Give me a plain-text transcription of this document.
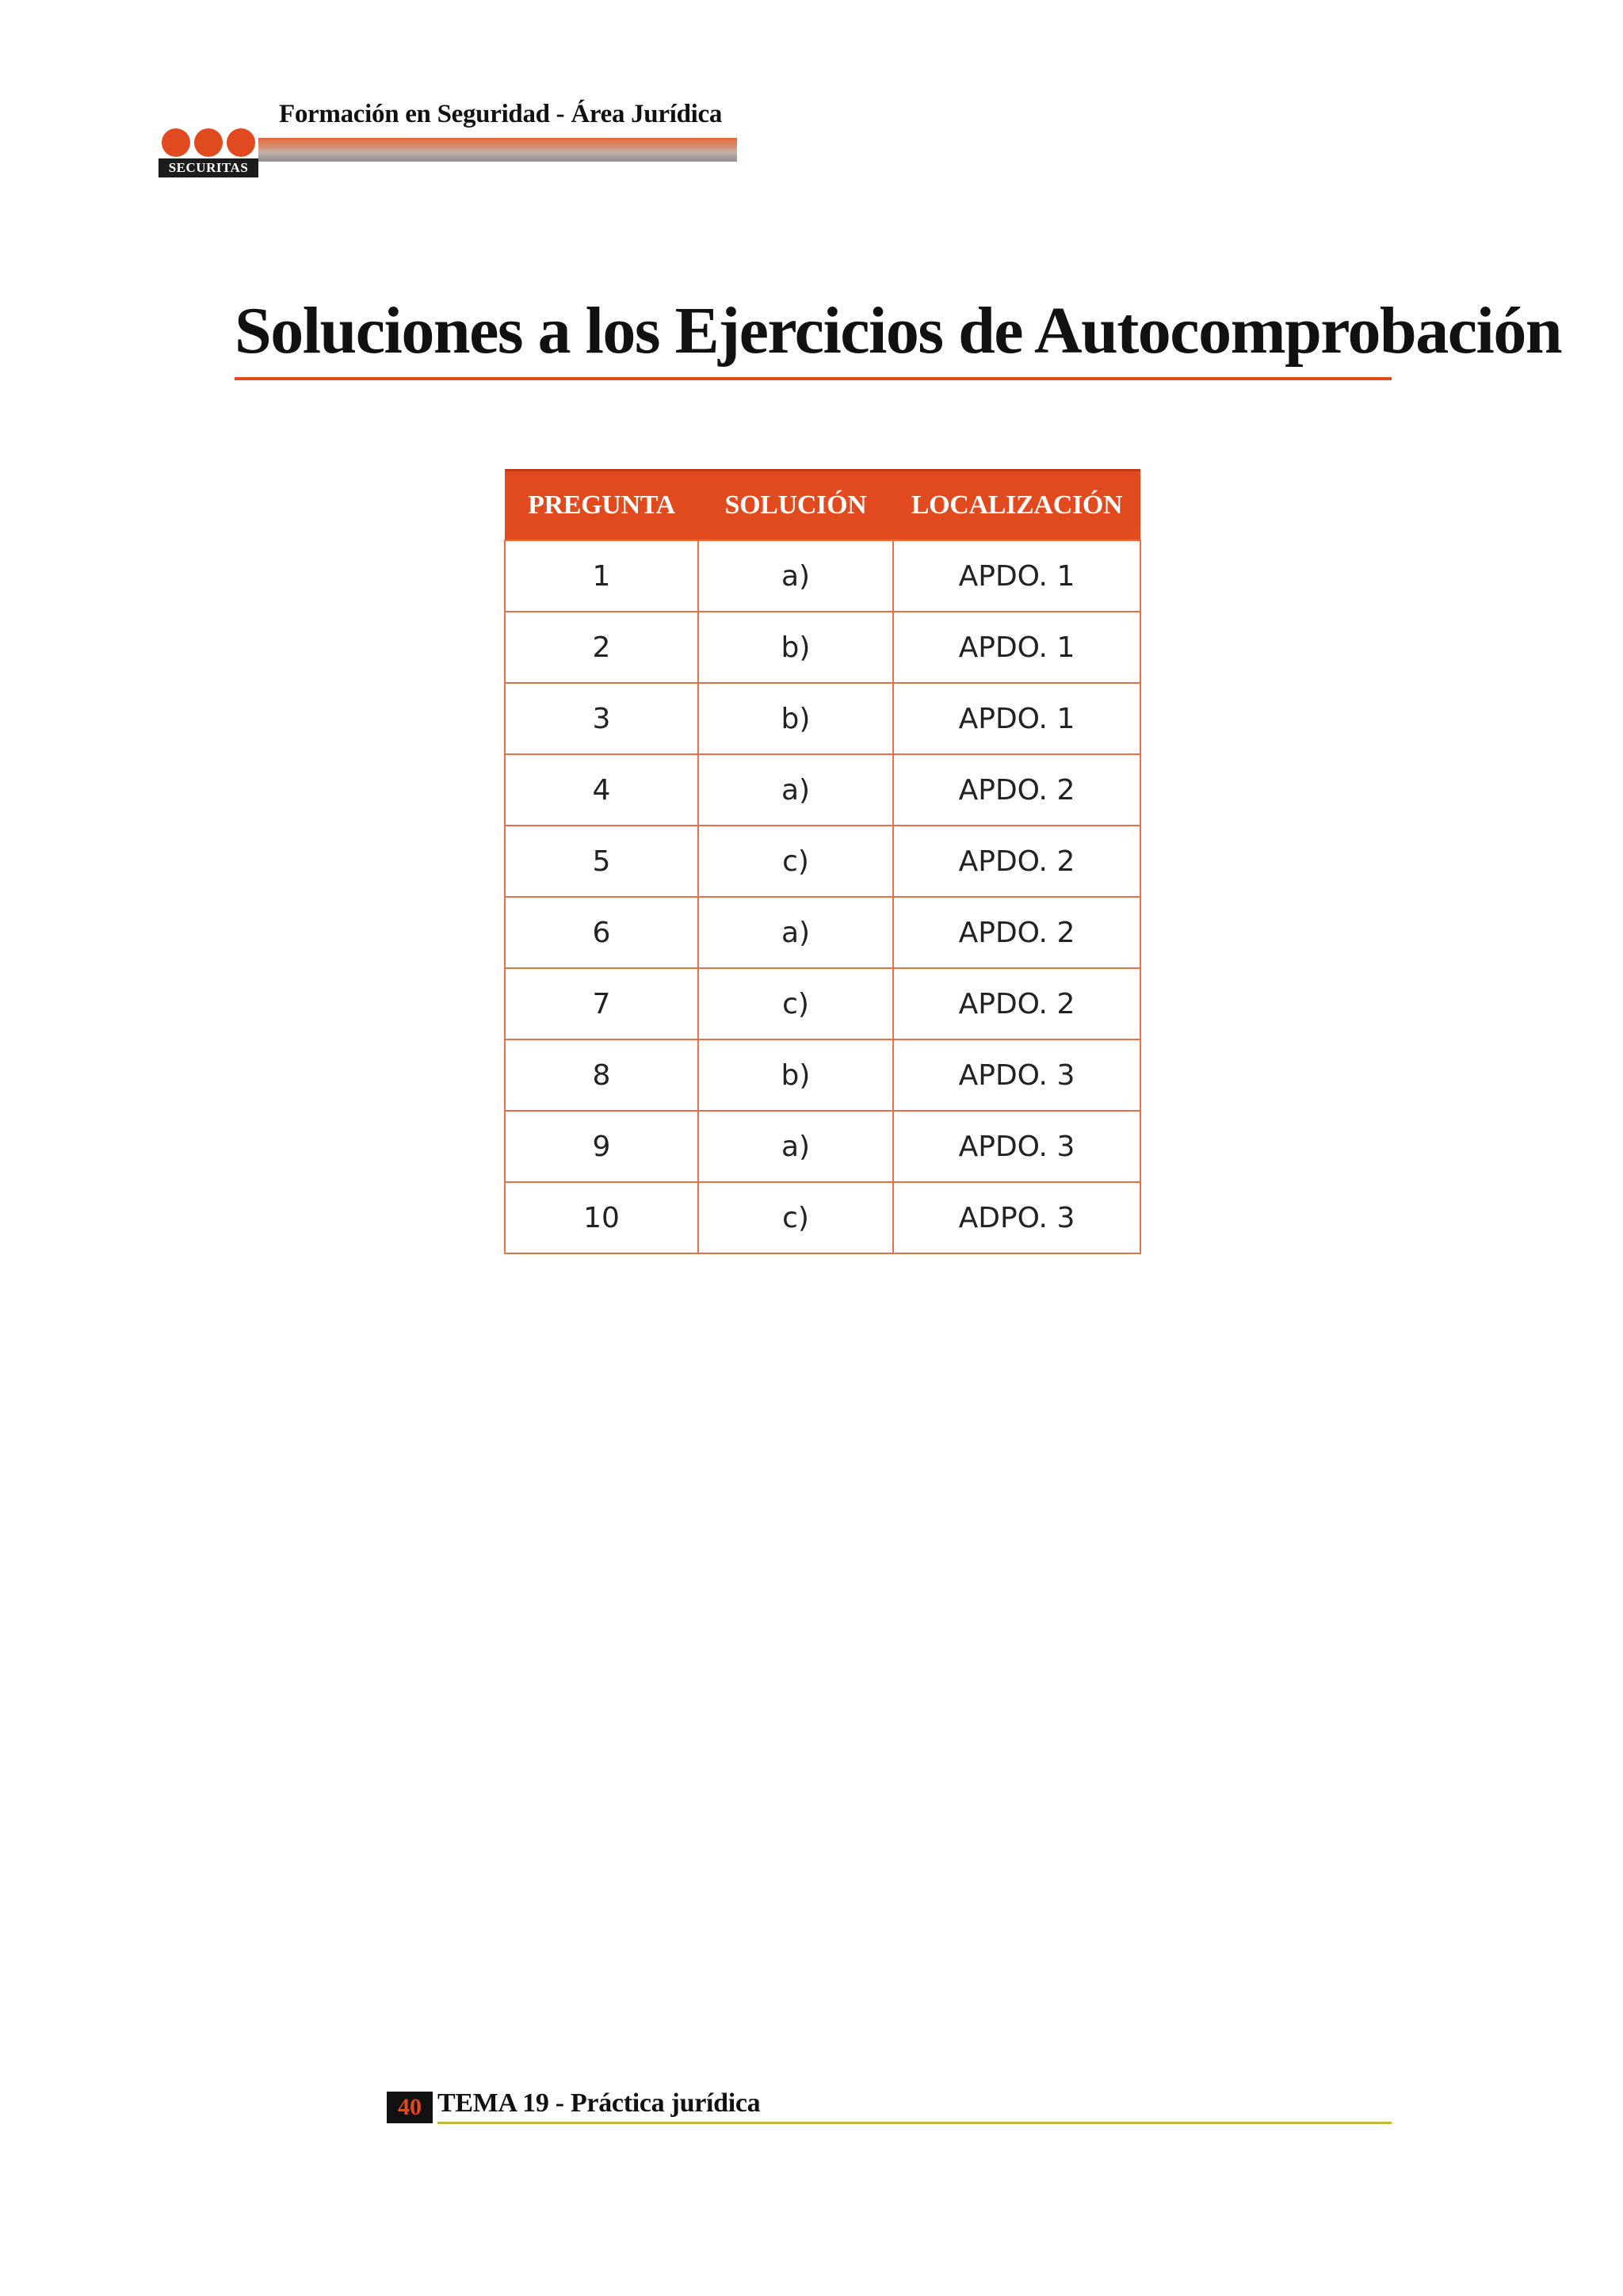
SECURITAS
Formación en Seguridad - Área Jurídica
Soluciones a los Ejercicios de Autocomprobación
PREGUNTA	SOLUCIÓN	LOCALIZACIÓN
1	a)	APDO. 1
2	b)	APDO. 1
3	b)	APDO. 1
4	a)	APDO. 2
5	c)	APDO. 2
6	a)	APDO. 2
7	c)	APDO. 2
8	b)	APDO. 3
9	a)	APDO. 3
10	c)	ADPO. 3
40 TEMA 19 - Práctica jurídica
